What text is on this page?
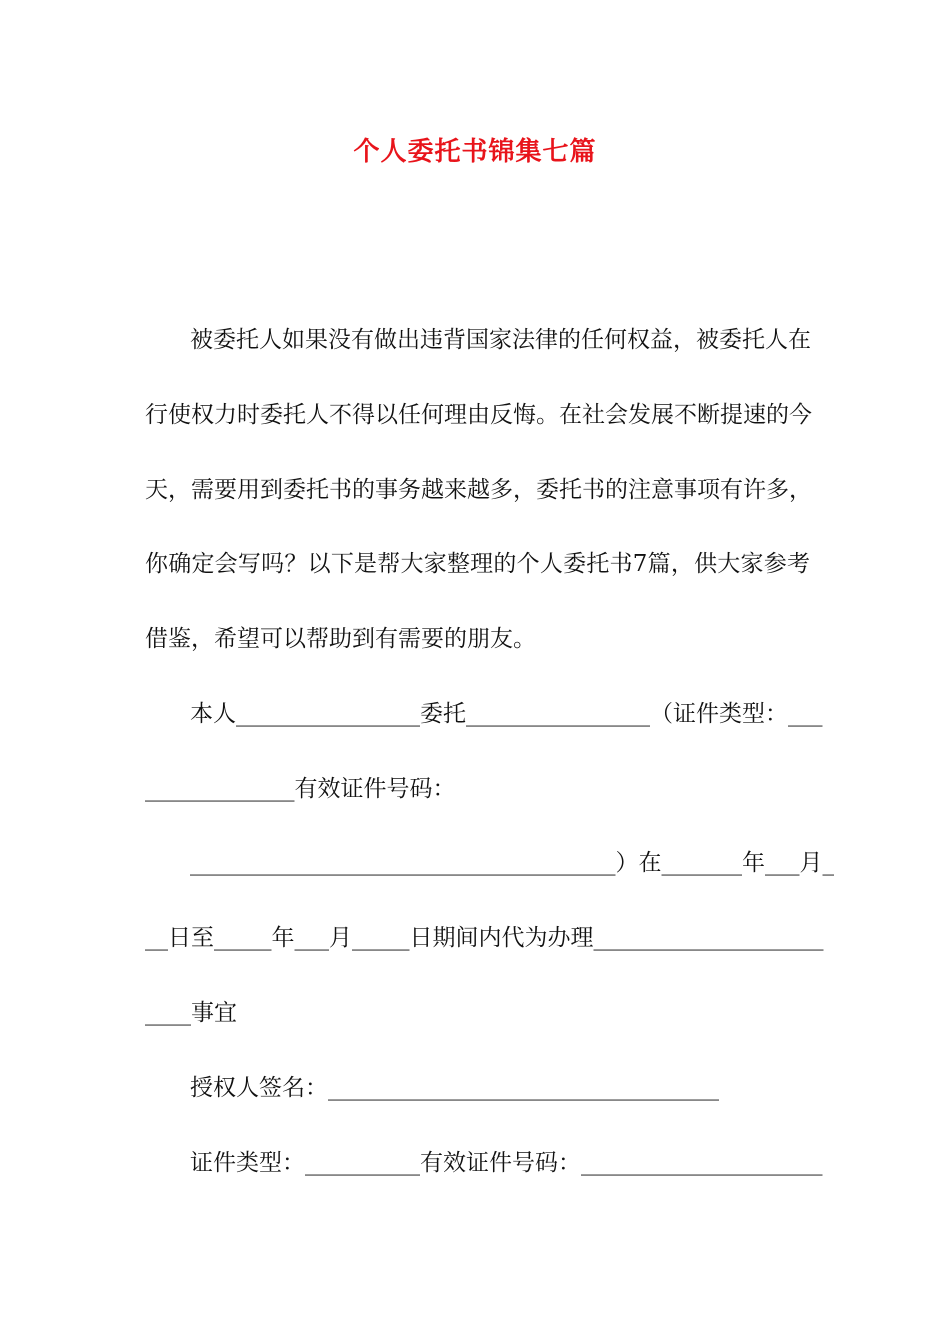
个人委托书锦集七篇
被委托人如果没有做出违背国家法律的任何权益，被委托人在
行使权力时委托人不得以任何理由反悔。在社会发展不断提速的今
天，需要用到委托书的事务越来越多，委托书的注意事项有许多，
你确定会写吗？以下是帮大家整理的个人委托书7篇，供大家参考
借鉴，希望可以帮助到有需要的朋友。
本人________________委托________________（证件类型：___
_____________有效证件号码：
_____________________________________）在_______年___月_
__日至_____年___月_____日期间内代为办理____________________
____事宜
授权人签名：__________________________________
证件类型：__________有效证件号码：_____________________
